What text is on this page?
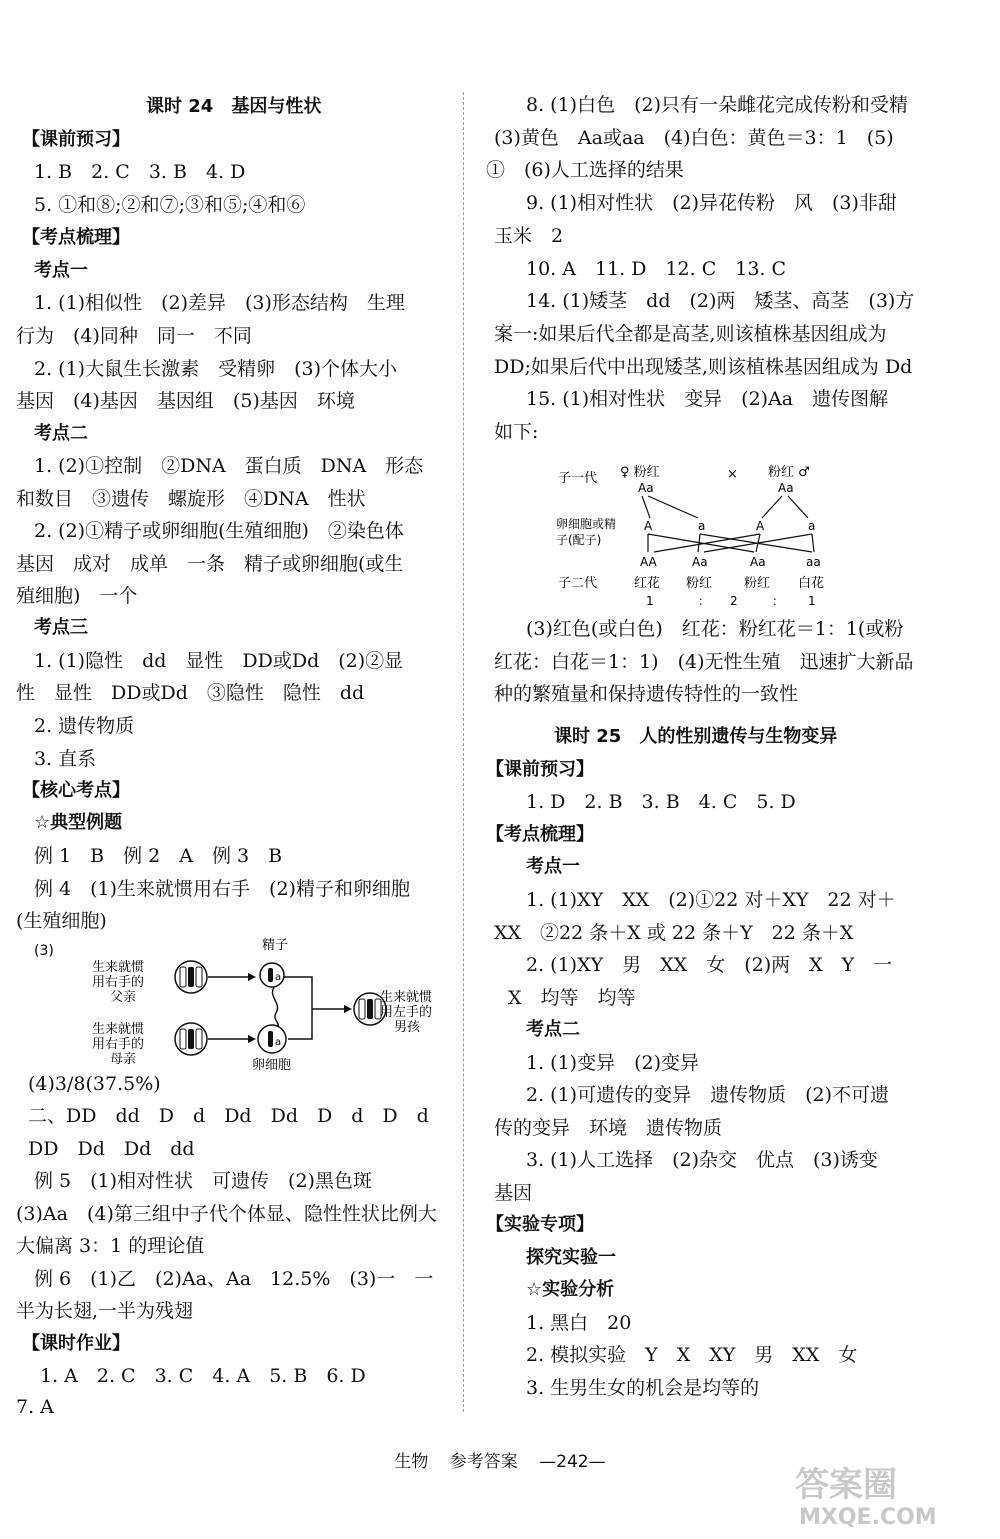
课时 24　基因与性状
【课前预习】
1. B　2. C　3. B　4. D
5. ①和⑧;②和⑦;③和⑤;④和⑥
【考点梳理】
考点一
1. (1)相似性　(2)差异　(3)形态结构　生理
行为　(4)同种　同一　不同
2. (1)大鼠生长激素　受精卵　(3)个体大小
基因　(4)基因　基因组　(5)基因　环境
考点二
1. (2)①控制　②DNA　蛋白质　DNA　形态
和数目　③遗传　螺旋形　④DNA　性状
2. (2)①精子或卵细胞(生殖细胞)　②染色体
基因　成对　成单　一条　精子或卵细胞(或生
殖细胞)　一个
考点三
1. (1)隐性　dd　显性　DD或Dd　(2)②显
性　显性　DD或Dd　③隐性　隐性　dd
2. 遗传物质
3. 直系
【核心考点】
☆典型例题
例 1　B　例 2　A　例 3　B
例 4　(1)生来就惯用右手　(2)精子和卵细胞
(生殖细胞)
(4)3/8(37.5%)
二、DD　dd　D　d　Dd　Dd　D　d　D　d
DD　Dd　Dd　dd
例 5　(1)相对性状　可遗传　(2)黑色斑
(3)Aa　(4)第三组中子代个体显、隐性性状比例大
大偏离 3：1 的理论值
例 6　(1)乙　(2)Aa、Aa　12.5%　(3)一　一
半为长翅,一半为残翅
【课时作业】
1. A　2. C　3. C　4. A　5. B　6. D
7. A
(3)
生来就惯
用右手的
父亲
精子
a
生来就惯
用右手的
母亲
a
卵细胞
生来就惯
用左手的
男孩
8. (1)白色　(2)只有一朵雌花完成传粉和受精
(3)黄色　Aa或aa　(4)白色：黄色＝3：1　(5)
①　(6)人工选择的结果
9. (1)相对性状　(2)异花传粉　风　(3)非甜
玉米　2
10. A　11. D　12. C　13. C
14. (1)矮茎　dd　(2)两　矮茎、高茎　(3)方
案一:如果后代全都是高茎,则该植株基因组成为
DD;如果后代中出现矮茎,则该植株基因组成为 Dd
15. (1)相对性状　变异　(2)Aa　遗传图解
如下:
(3)红色(或白色)　红花：粉红花＝1：1(或粉
红花：白花＝1：1)　(4)无性生殖　迅速扩大新品
种的繁殖量和保持遗传特性的一致性
课时 25　人的性别遗传与生物变异
【课前预习】
1. D　2. B　3. B　4. C　5. D
【考点梳理】
考点一
1. (1)XY　XX　(2)①22 对＋XY　22 对＋
XX　②22 条＋X 或 22 条＋Y　22 条＋X
2. (1)XY　男　XX　女　(2)两　X　Y　一
X　均等　均等
考点二
1. (1)变异　(2)变异
2. (1)可遗传的变异　遗传物质　(2)不可遗
传的变异　环境　遗传物质
3. (1)人工选择　(2)杂交　优点　(3)诱变
基因
【实验专项】
探究实验一
☆实验分析
1. 黑白　20
2. 模拟实验　Y　X　XY　男　XX　女
3. 生男生女的机会是均等的
子一代 ♀ 粉红	× 粉红 ♂
Aa	Aa
卵细胞或精
子(配子)
A	a	A	a
AA	Aa	Aa	aa
子二代	红花 粉红 粉红 白花
1	： 2	： 1
生物 参考答案 —242—
答案圈
MXQE.COM
